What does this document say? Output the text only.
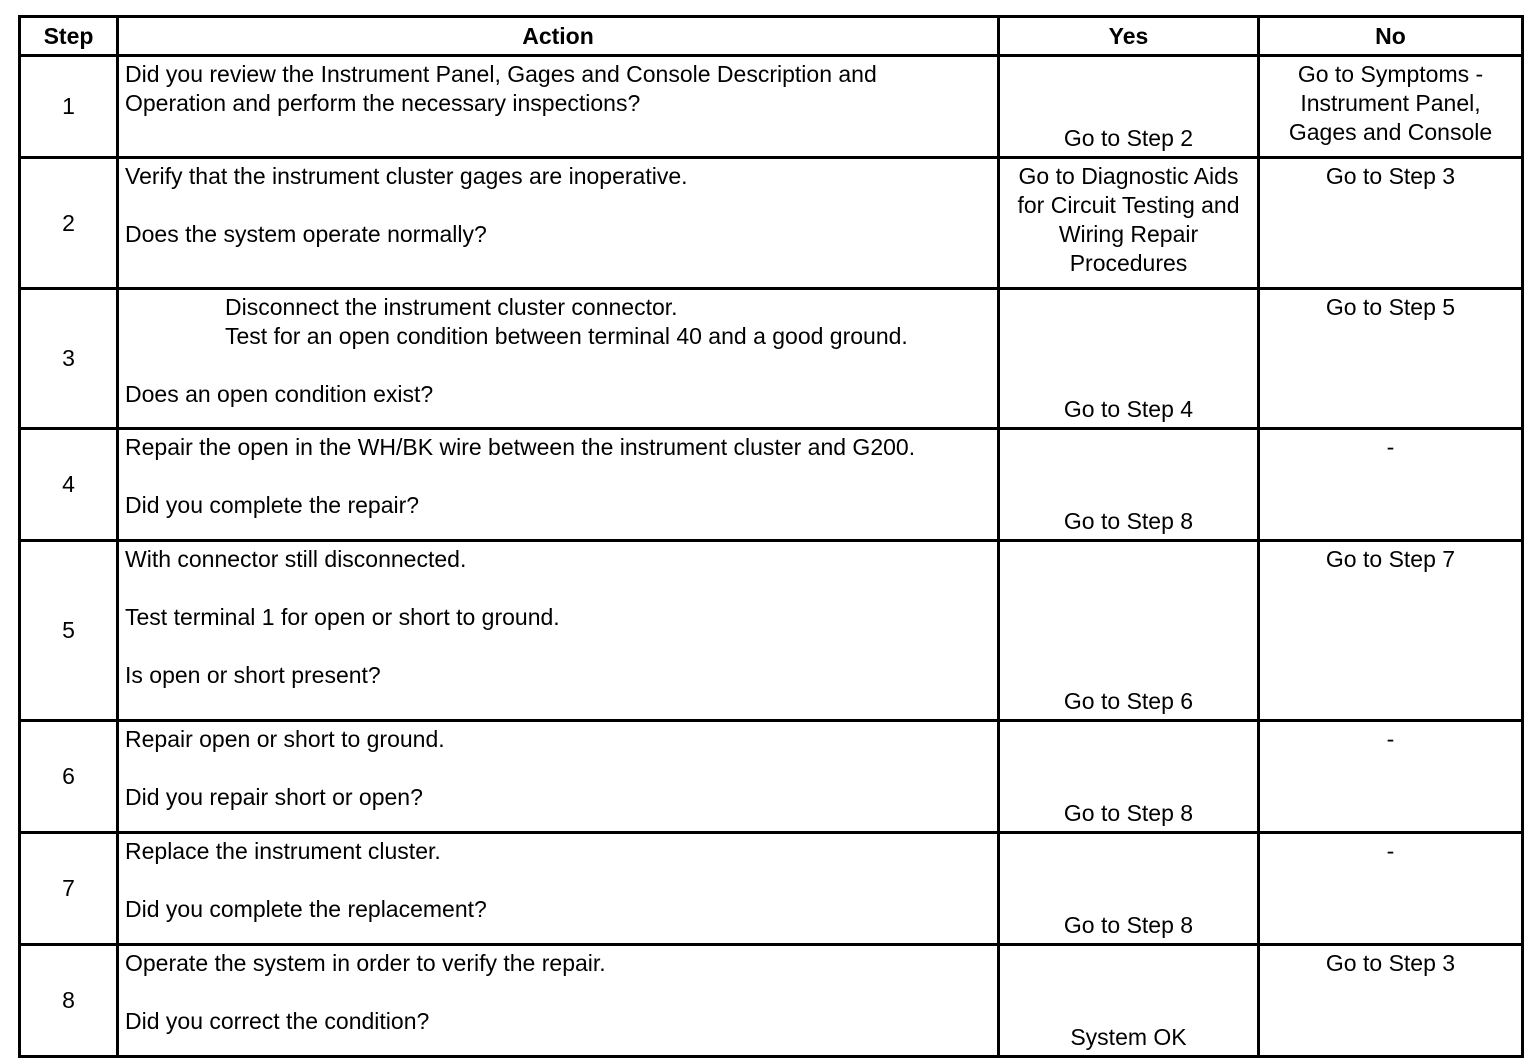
Step	Action	Yes	No
1	Did you review the Instrument Panel, Gages and Console Description and
Operation and perform the necessary inspections?	Go to Step 2	Go to Symptoms -
Instrument Panel,
Gages and Console

2	Verify that the instrument cluster gages are inoperative.

Does the system operate normally?	Go to Diagnostic Aids
for Circuit Testing and
Wiring Repair
Procedures	Go to Step 3

3	Disconnect the instrument cluster connector.
Test for an open condition between terminal 40 and a good ground.

Does an open condition exist?	Go to Step 4	Go to Step 5

4	Repair the open in the WH/BK wire between the instrument cluster and G200.

Did you complete the repair?	Go to Step 8	-

5	With connector still disconnected.

Test terminal 1 for open or short to ground.

Is open or short present?	Go to Step 6	Go to Step 7

6	Repair open or short to ground.

Did you repair short or open?	Go to Step 8	-

7	Replace the instrument cluster.

Did you complete the replacement?	Go to Step 8	-

8	Operate the system in order to verify the repair.

Did you correct the condition?	System OK	Go to Step 3
